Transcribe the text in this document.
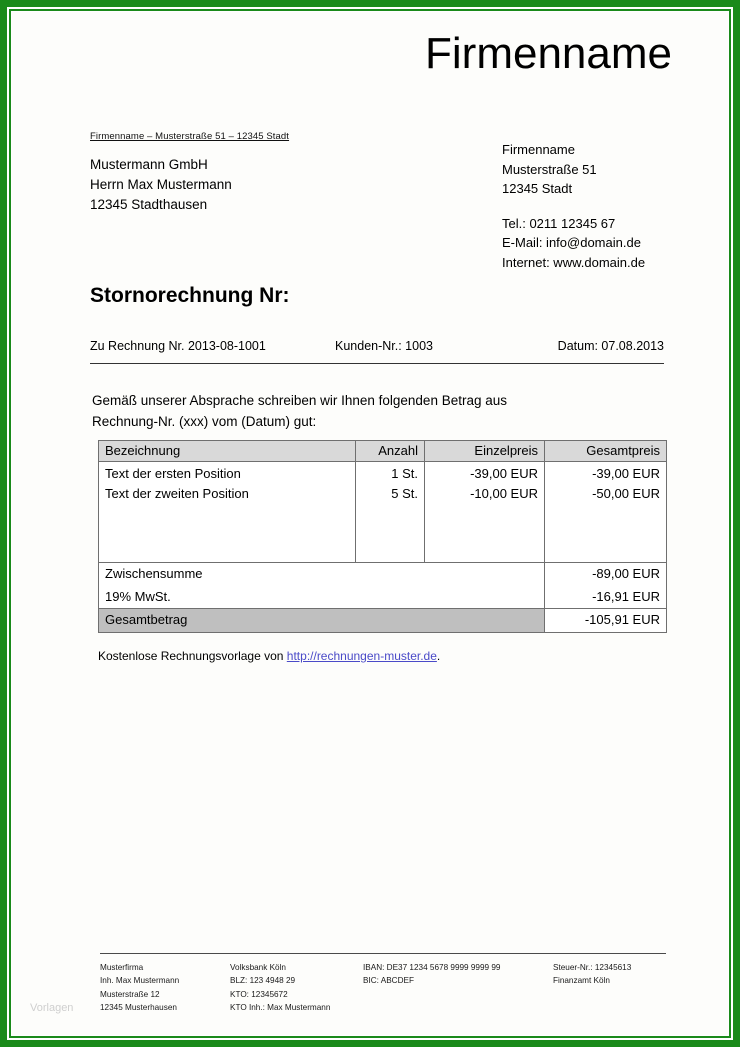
Firmenname
Firmenname – Musterstraße 51 – 12345 Stadt
Mustermann GmbH
Herrn Max Mustermann
12345 Stadthausen
Firmenname
Musterstraße 51
12345 Stadt
Tel.: 0211 12345 67
E-Mail: info@domain.de
Internet: www.domain.de
Stornorechnung Nr:
Zu Rechnung Nr. 2013-08-1001	Kunden-Nr.: 1003	Datum: 07.08.2013
Gemäß unserer Absprache schreiben wir Ihnen folgenden Betrag aus
Rechnung-Nr. (xxx) vom (Datum) gut:
Bezeichnung	Anzahl	Einzelpreis	Gesamtpreis
Text der ersten Position	1 St.	-39,00 EUR	-39,00 EUR
Text der zweiten Position	5 St.	-10,00 EUR	-50,00 EUR

Zwischensumme			-89,00 EUR
19% MwSt.			-16,91 EUR
Gesamtbetrag			-105,91 EUR
Kostenlose Rechnungsvorlage von http://rechnungen-muster.de.
Musterfirma
Inh. Max Mustermann
Musterstraße 12
12345 Musterhausen
Volksbank Köln
BLZ: 123 4948 29
KTO: 12345672
KTO Inh.: Max Mustermann
IBAN: DE37 1234 5678 9999 9999 99
BIC: ABCDEF
Steuer-Nr.: 12345613
Finanzamt Köln
Vorlagen
